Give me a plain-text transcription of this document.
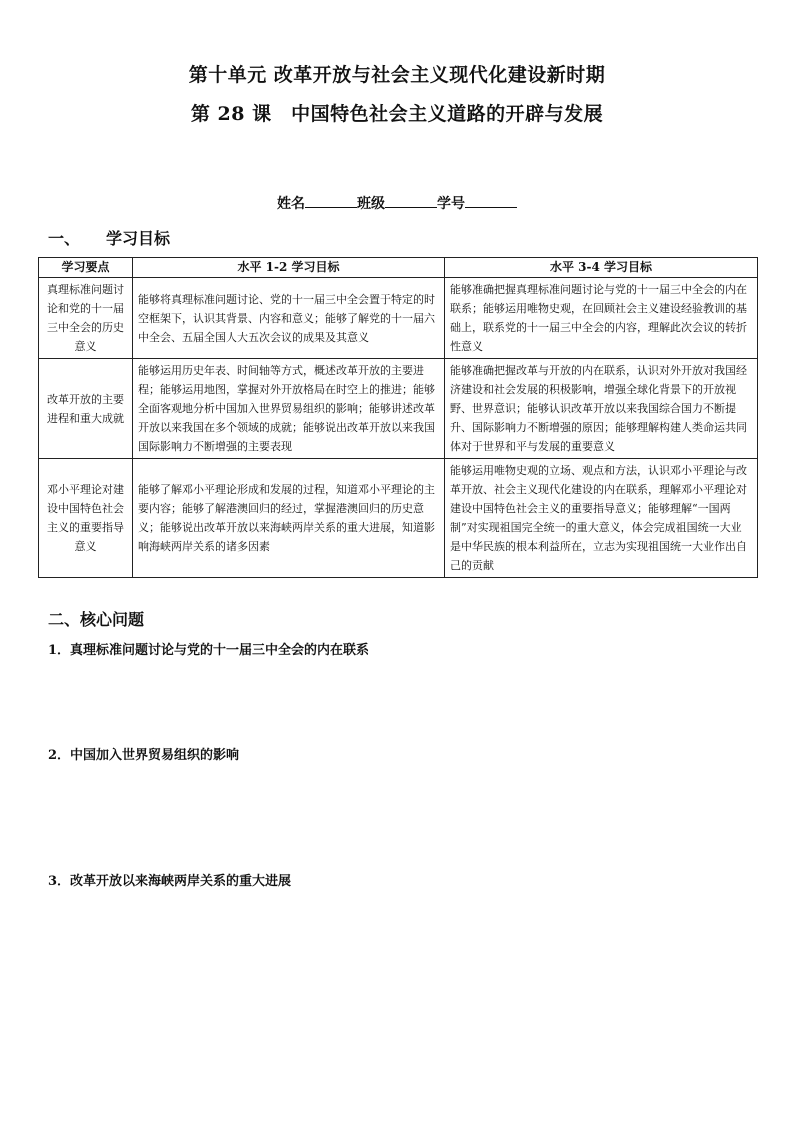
第十单元 改革开放与社会主义现代化建设新时期
第 28 课　中国特色社会主义道路的开辟与发展
姓名	班级	学号
一、 学习目标
学习要点	水平 1-2 学习目标	水平 3-4 学习目标
真理标准问题讨论和党的十一届三中全会的历史意义	能够将真理标准问题讨论、党的十一届三中全会置于特定的时空框架下，认识其背景、内容和意义；能够了解党的十一届六中全会、五届全国人大五次会议的成果及其意义	能够准确把握真理标准问题讨论与党的十一届三中全会的内在联系；能够运用唯物史观，在回顾社会主义建设经验教训的基础上，联系党的十一届三中全会的内容，理解此次会议的转折性意义
改革开放的主要进程和重大成就	能够运用历史年表、时间轴等方式，概述改革开放的主要进程；能够运用地图，掌握对外开放格局在时空上的推进；能够全面客观地分析中国加入世界贸易组织的影响；能够讲述改革开放以来我国在多个领域的成就；能够说出改革开放以来我国国际影响力不断增强的主要表现	能够准确把握改革与开放的内在联系，认识对外开放对我国经济建设和社会发展的积极影响，增强全球化背景下的开放视野、世界意识；能够认识改革开放以来我国综合国力不断提升、国际影响力不断增强的原因；能够理解构建人类命运共同体对于世界和平与发展的重要意义
邓小平理论对建设中国特色社会主义的重要指导意义	能够了解邓小平理论形成和发展的过程，知道邓小平理论的主要内容；能够了解港澳回归的经过，掌握港澳回归的历史意义；能够说出改革开放以来海峡两岸关系的重大进展，知道影响海峡两岸关系的诸多因素	能够运用唯物史观的立场、观点和方法，认识邓小平理论与改革开放、社会主义现代化建设的内在联系，理解邓小平理论对建设中国特色社会主义的重要指导意义；能够理解“一国两制”对实现祖国完全统一的重大意义，体会完成祖国统一大业是中华民族的根本利益所在，立志为实现祖国统一大业作出自己的贡献
二、核心问题
1．真理标准问题讨论与党的十一届三中全会的内在联系
2．中国加入世界贸易组织的影响
3．改革开放以来海峡两岸关系的重大进展
